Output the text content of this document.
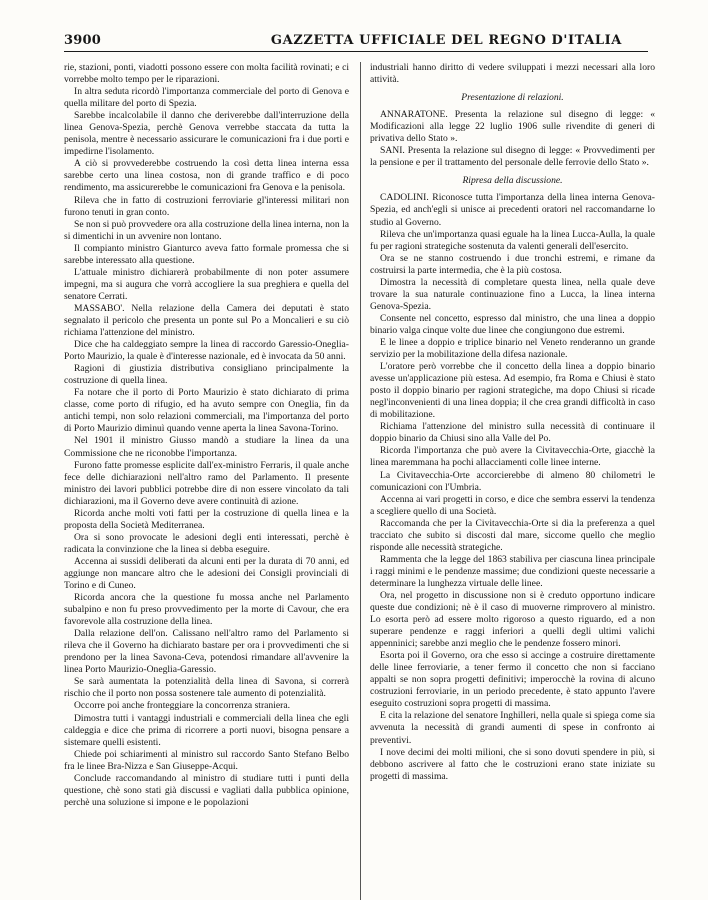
3900	GAZZETTA UFFICIALE DEL REGNO D'ITALIA

rie, stazioni, ponti, viadotti possono essere con molta facilità rovinati; e ci vorrebbe molto tempo per le riparazioni.

In altra seduta ricordò l'importanza commerciale del porto di Genova e quella militare del porto di Spezia.

Sarebbe incalcolabile il danno che deriverebbe dall'interruzione della linea Genova-Spezia, perchè Genova verrebbe staccata da tutta la penisola, mentre è necessario assicurare le comunicazioni fra i due porti e impedirne l'isolamento.

A ciò si provvederebbe costruendo la così detta linea interna essa sarebbe certo una linea costosa, non di grande traffico e di poco rendimento, ma assicurerebbe le comunicazioni fra Genova e la penisola.

Rileva che in fatto di costruzioni ferroviarie gl'interessi militari non furono tenuti in gran conto.

Se non si può provvedere ora alla costruzione della linea interna, non la si dimentichi in un avvenire non lontano.

Il compianto ministro Gianturco aveva fatto formale promessa che si sarebbe interessato alla questione.

L'attuale ministro dichiarerà probabilmente di non poter assumere impegni, ma si augura che vorrà accogliere la sua preghiera e quella del senatore Cerrati.

MASSABO'. Nella relazione della Camera dei deputati è stato segnalato il pericolo che presenta un ponte sul Po a Moncalieri e su ciò richiama l'attenzione del ministro.

Dice che ha caldeggiato sempre la linea di raccordo Garessio-Oneglia-Porto Maurizio, la quale è d'interesse nazionale, ed è invocata da 50 anni.

Ragioni di giustizia distributiva consigliano principalmente la costruzione di quella linea.

Fa notare che il porto di Porto Maurizio è stato dichiarato di prima classe, come porto di rifugio, ed ha avuto sempre con Oneglia, fin da antichi tempi, non solo relazioni commerciali, ma l'importanza del porto di Porto Maurizio diminuì quando venne aperta la linea Savona-Torino.

Nel 1901 il ministro Giusso mandò a studiare la linea da una Commissione che ne riconobbe l'importanza.

Furono fatte promesse esplicite dall'ex-ministro Ferraris, il quale anche fece delle dichiarazioni nell'altro ramo del Parlamento. Il presente ministro dei lavori pubblici potrebbe dire di non essere vincolato da tali dichiarazioni, ma il Governo deve avere continuità di azione.

Ricorda anche molti voti fatti per la costruzione di quella linea e la proposta della Società Mediterranea.

Ora si sono provocate le adesioni degli enti interessati, perchè è radicata la convinzione che la linea si debba eseguire.

Accenna ai sussidi deliberati da alcuni enti per la durata di 70 anni, ed aggiunge non mancare altro che le adesioni dei Consigli provinciali di Torino e di Cuneo.

Ricorda ancora che la questione fu mossa anche nel Parlamento subalpino e non fu preso provvedimento per la morte di Cavour, che era favorevole alla costruzione della linea.

Dalla relazione dell'on. Calissano nell'altro ramo del Parlamento si rileva che il Governo ha dichiarato bastare per ora i provvedimenti che si prendono per la linea Savona-Ceva, potendosi rimandare all'avvenire la linea Porto Maurizio-Oneglia-Garessio.

Se sarà aumentata la potenzialità della linea di Savona, si correrà rischio che il porto non possa sostenere tale aumento di potenzialità.

Occorre poi anche fronteggiare la concorrenza straniera.

Dimostra tutti i vantaggi industriali e commerciali della linea che egli caldeggia e dice che prima di ricorrere a porti nuovi, bisogna pensare a sistemare quelli esistenti.

Chiede poi schiarimenti al ministro sul raccordo Santo Stefano Belbo fra le linee Bra-Nizza e San Giuseppe-Acqui.

Conclude raccomandando al ministro di studiare tutti i punti della questione, chè sono stati già discussi e vagliati dalla pubblica opinione, perchè una soluzione si impone e le popolazioni

industriali hanno diritto di vedere sviluppati i mezzi necessari alla loro attività.

Presentazione di relazioni.

ANNARATONE. Presenta la relazione sul disegno di legge: « Modificazioni alla legge 22 luglio 1906 sulle rivendite di generi di privativa dello Stato ».

SANI. Presenta la relazione sul disegno di legge: « Provvedimenti per la pensione e per il trattamento del personale delle ferrovie dello Stato ».

Ripresa della discussione.

CADOLINI. Riconosce tutta l'importanza della linea interna Genova-Spezia, ed anch'egli si unisce ai precedenti oratori nel raccomandarne lo studio al Governo.

Rileva che un'importanza quasi eguale ha la linea Lucca-Aulla, la quale fu per ragioni strategiche sostenuta da valenti generali dell'esercito.

Ora se ne stanno costruendo i due tronchi estremi, e rimane da costruirsi la parte intermedia, che è la più costosa.

Dimostra la necessità di completare questa linea, nella quale deve trovare la sua naturale continuazione fino a Lucca, la linea interna Genova-Spezia.

Consente nel concetto, espresso dal ministro, che una linea a doppio binario valga cinque volte due linee che congiungono due estremi.

E le linee a doppio e triplice binario nel Veneto renderanno un grande servizio per la mobilitazione della difesa nazionale.

L'oratore però vorrebbe che il concetto della linea a doppio binario avesse un'applicazione più estesa. Ad esempio, fra Roma e Chiusi è stato posto il doppio binario per ragioni strategiche, ma dopo Chiusi si ricade negl'inconvenienti di una linea doppia; il che crea grandi difficoltà in caso di mobilitazione.

Richiama l'attenzione del ministro sulla necessità di continuare il doppio binario da Chiusi sino alla Valle del Po.

Ricorda l'importanza che può avere la Civitavecchia-Orte, giacchè la linea maremmana ha pochi allacciamenti colle linee interne.

La Civitavecchia-Orte accorcierebbe di almeno 80 chilometri le comunicazioni con l'Umbria.

Accenna ai vari progetti in corso, e dice che sembra esservi la tendenza a scegliere quello di una Società.

Raccomanda che per la Civitavecchia-Orte si dia la preferenza a quel tracciato che subito si discosti dal mare, siccome quello che meglio risponde alle necessità strategiche.

Rammenta che la legge del 1863 stabiliva per ciascuna linea principale i raggi minimi e le pendenze massime; due condizioni queste necessarie a determinare la lunghezza virtuale delle linee.

Ora, nel progetto in discussione non si è creduto opportuno indicare queste due condizioni; nè è il caso di muoverne rimprovero al ministro. Lo esorta però ad essere molto rigoroso a questo riguardo, ed a non superare pendenze e raggi inferiori a quelli degli ultimi valichi appenninici; sarebbe anzi meglio che le pendenze fossero minori.

Esorta poi il Governo, ora che esso si accinge a costruire direttamente delle linee ferroviarie, a tener fermo il concetto che non si facciano appalti se non sopra progetti definitivi; imperocchè la rovina di alcuno costruzioni ferroviarie, in un periodo precedente, è stato appunto l'avere eseguito costruzioni sopra progetti di massima.

E cita la relazione del senatore Inghilleri, nella quale si spiega come sia avvenuta la necessità di grandi aumenti di spese in confronto ai preventivi.

I nove decimi dei molti milioni, che si sono dovuti spendere in più, si debbono ascrivere al fatto che le costruzioni erano state iniziate su progetti di massima.
